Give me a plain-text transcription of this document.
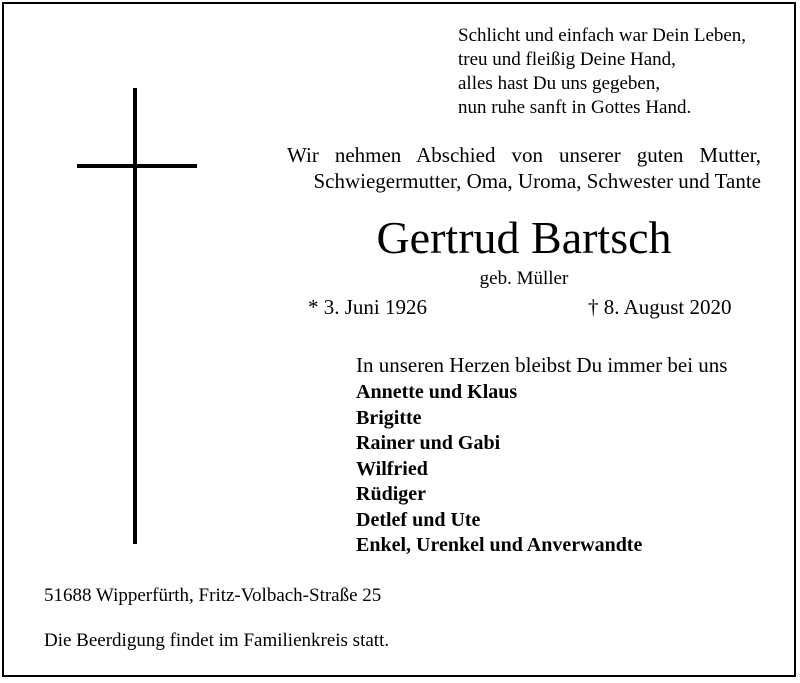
Schlicht und einfach war Dein Leben,
treu und fleißig Deine Hand,
alles hast Du uns gegeben,
nun ruhe sanft in Gottes Hand.
Wir nehmen Abschied von unserer guten Mutter,
Schwiegermutter, Oma, Uroma, Schwester und Tante
Gertrud Bartsch
geb. Müller
* 3. Juni 1926	† 8. August 2020
In unseren Herzen bleibst Du immer bei uns
Annette und Klaus
Brigitte
Rainer und Gabi
Wilfried
Rüdiger
Detlef und Ute
Enkel, Urenkel und Anverwandte
51688 Wipperfürth, Fritz-Volbach-Straße 25
Die Beerdigung findet im Familienkreis statt.
